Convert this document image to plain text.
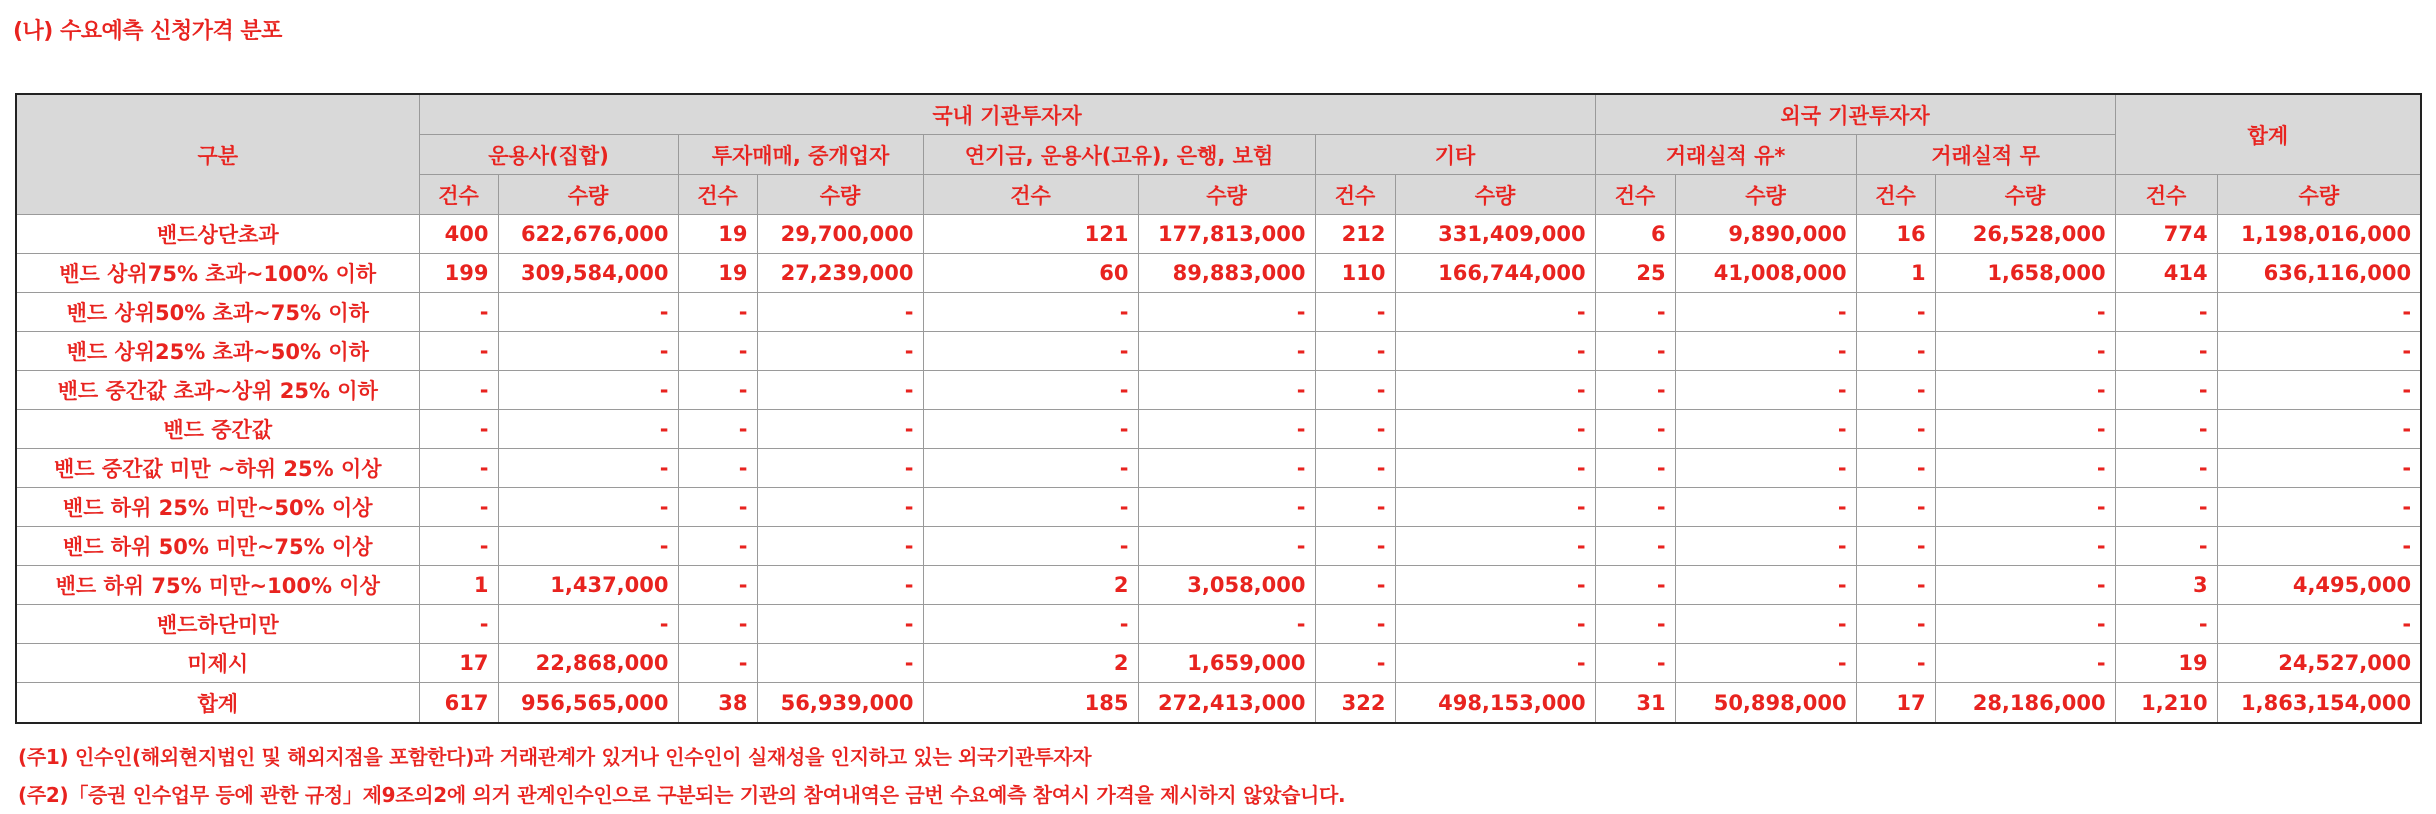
(나) 수요예측 신청가격 분포
구분	국내 기관투자자								외국 기관투자자				합계	
	운용사(집합)		투자매매, 중개업자		연기금, 운용사(고유), 은행, 보험		기타		거래실적 유*		거래실적 무			
	건수	수량	건수	수량	건수	수량	건수	수량	건수	수량	건수	수량	건수	수량
밴드상단초과	400	622,676,000	19	29,700,000	121	177,813,000	212	331,409,000	6	9,890,000	16	26,528,000	774	1,198,016,000
밴드 상위75% 초과~100% 이하	199	309,584,000	19	27,239,000	60	89,883,000	110	166,744,000	25	41,008,000	1	1,658,000	414	636,116,000
밴드 상위50% 초과~75% 이하	-	-	-	-	-	-	-	-	-	-	-	-	-	-
밴드 상위25% 초과~50% 이하	-	-	-	-	-	-	-	-	-	-	-	-	-	-
밴드 중간값 초과~상위 25% 이하	-	-	-	-	-	-	-	-	-	-	-	-	-	-
밴드 중간값	-	-	-	-	-	-	-	-	-	-	-	-	-	-
밴드 중간값 미만 ~하위 25% 이상	-	-	-	-	-	-	-	-	-	-	-	-	-	-
밴드 하위 25% 미만~50% 이상	-	-	-	-	-	-	-	-	-	-	-	-	-	-
밴드 하위 50% 미만~75% 이상	-	-	-	-	-	-	-	-	-	-	-	-	-	-
밴드 하위 75% 미만~100% 이상	1	1,437,000	-	-	2	3,058,000	-	-	-	-	-	-	3	4,495,000
밴드하단미만	-	-	-	-	-	-	-	-	-	-	-	-	-	-
미제시	17	22,868,000	-	-	2	1,659,000	-	-	-	-	-	-	19	24,527,000
합계	617	956,565,000	38	56,939,000	185	272,413,000	322	498,153,000	31	50,898,000	17	28,186,000	1,210	1,863,154,000
(주1) 인수인(해외현지법인 및 해외지점을 포함한다)과 거래관계가 있거나 인수인이 실재성을 인지하고 있는 외국기관투자자
(주2)「증권 인수업무 등에 관한 규정」제9조의2에 의거 관계인수인으로 구분되는 기관의 참여내역은 금번 수요예측 참여시 가격을 제시하지 않았습니다.
